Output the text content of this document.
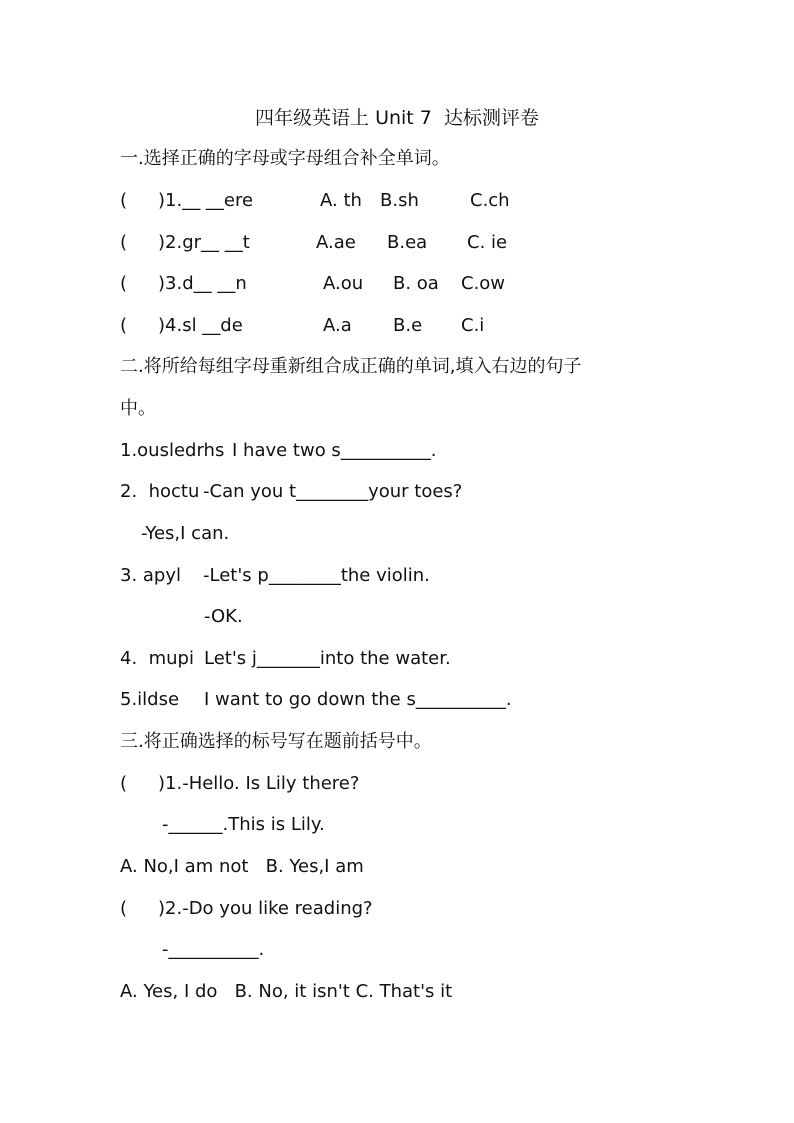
四年级英语上 Unit 7  达标测评卷
一.选择正确的字母或字母组合补全单词。
(	)1.__ __ere	A. th	B.sh	C.ch
(	)2.gr__ __t	A.ae	B.ea	C. ie
(	)3.d__ __n	A.ou	B. oa	C.ow
(	)4.sl __de	A.a	B.e	C.i
二.将所给每组字母重新组合成正确的单词,填入右边的句子
中。
1.ousledrhs I have two s__________.
2.  hoctu -Can you t________your toes?
-Yes,I can.
3. apyl	-Let's p________the violin.
-OK.
4.  mupi Let's j_______into the water.
5.ildse	I want to go down the s__________.
三.将正确选择的标号写在题前括号中。
(	)1.-Hello. Is Lily there?
-______.This is Lily.
A. No,I am not   B. Yes,I am
(	)2.-Do you like reading?
-__________.
A. Yes, I do   B. No, it isn't C. That's it
